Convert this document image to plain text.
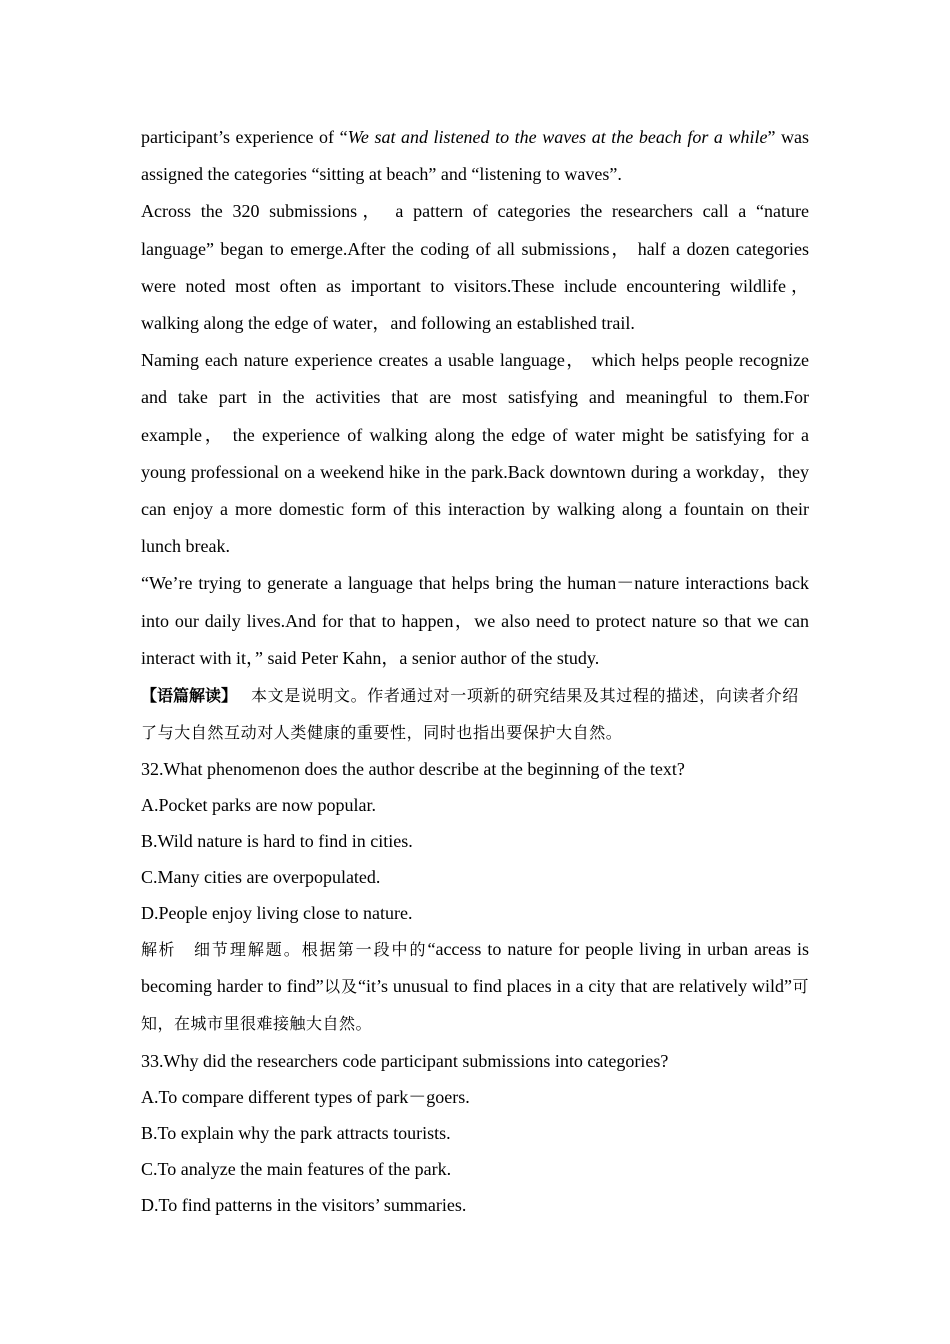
participant’s experience of “We sat and listened to the waves at the beach for a while” was assigned the categories “sitting at beach” and “listening to waves”.

Across the 320 submissions， a pattern of categories the researchers call a “nature language” began to emerge.After the coding of all submissions， half a dozen categories were noted most often as important to visitors.These include encountering wildlife，walking along the edge of water，and following an established trail.

Naming each nature experience creates a usable language， which helps people recognize and take part in the activities that are most satisfying and meaningful to them.For example， the experience of walking along the edge of water might be satisfying for a young professional on a weekend hike in the park.Back downtown during a workday，they can enjoy a more domestic form of this interaction by walking along a fountain on their lunch break.

“We’re trying to generate a language that helps bring the human－nature interactions back into our daily lives.And for that to happen，we also need to protect nature so that we can interact with it，” said Peter Kahn，a senior author of the study.

【语篇解读】 本文是说明文。作者通过对一项新的研究结果及其过程的描述，向读者介绍了与大自然互动对人类健康的重要性，同时也指出要保护大自然。

32.What phenomenon does the author describe at the beginning of the text?

A.Pocket parks are now popular.

B.Wild nature is hard to find in cities.

C.Many cities are overpopulated.

D.People enjoy living close to nature.

解析 细节理解题。根据第一段中的“access to nature for people living in urban areas is becoming harder to find”以及“it’s unusual to find places in a city that are relatively wild”可知，在城市里很难接触大自然。

33.Why did the researchers code participant submissions into categories?

A.To compare different types of park－goers.

B.To explain why the park attracts tourists.

C.To analyze the main features of the park.

D.To find patterns in the visitors’ summaries.
